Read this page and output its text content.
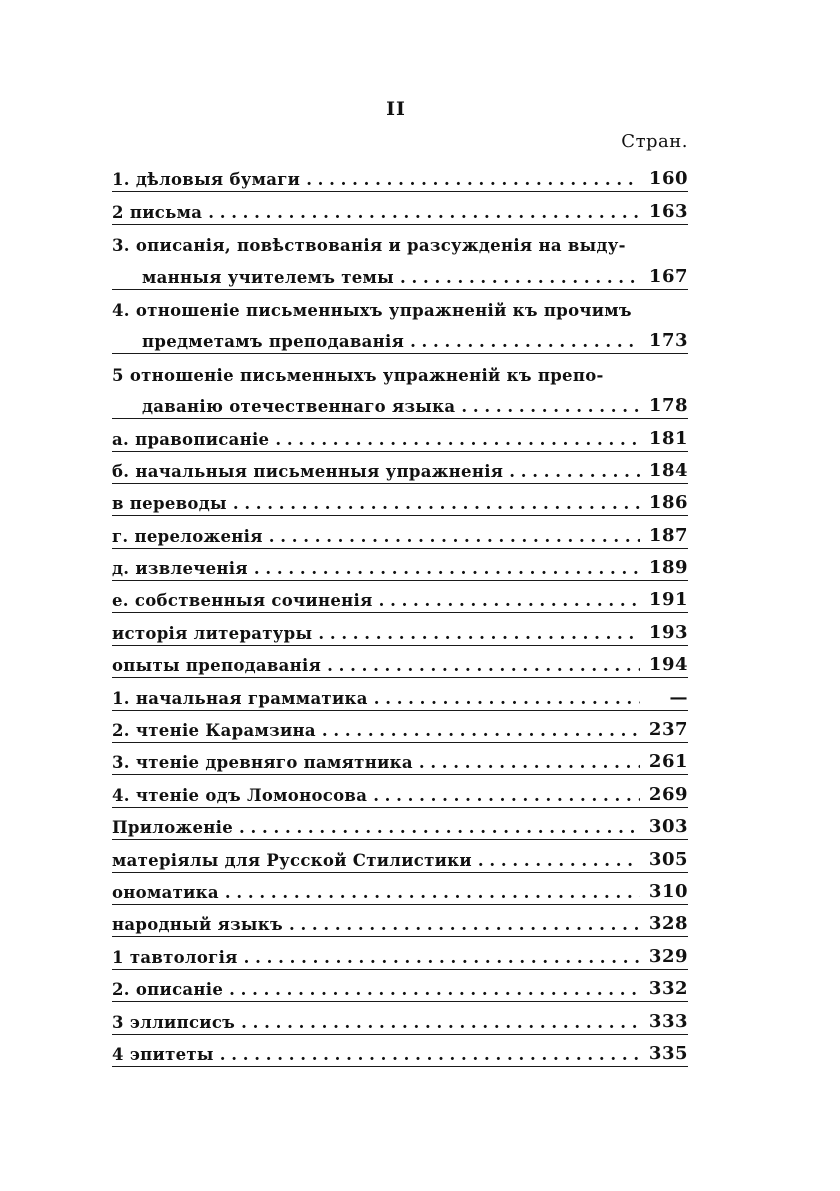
II
Стран.
1. дѣловыя бумаги . . .	160
2 письма . . .	163
3. описанія, повѣствованія и разсужденія на выду-
манныя учителемъ темы . . .	167
4. отношеніе письменныхъ упражненій къ прочимъ
предметамъ преподаванія . . .	173
5 отношеніе письменныхъ упражненій къ препо-
даванію отечественнаго языка . . .	178
а. правописаніе . . .	181
б. начальныя письменныя упражненія . . .	184
в переводы . . .	186
г. переложенія . . .	187
д. извлеченія . . .	189
е. собственныя сочиненія . . .	191
исторія литературы . . .	193
опыты преподаванія . . .	194
1. начальная грамматика . . .	—
2. чтеніе Карамзина . . .	237
3. чтеніе древняго памятника . . .	261
4. чтеніе одъ Ломоносова . . .	269
Приложеніе . . .	303
матеріялы для Русской Стилистики . . .	305
ономатика . . .	310
народный языкъ . . .	328
1 тавтологія . . .	329
2. описаніе . . .	332
3 эллипсисъ . . .	333
4 эпитеты . . .	335
